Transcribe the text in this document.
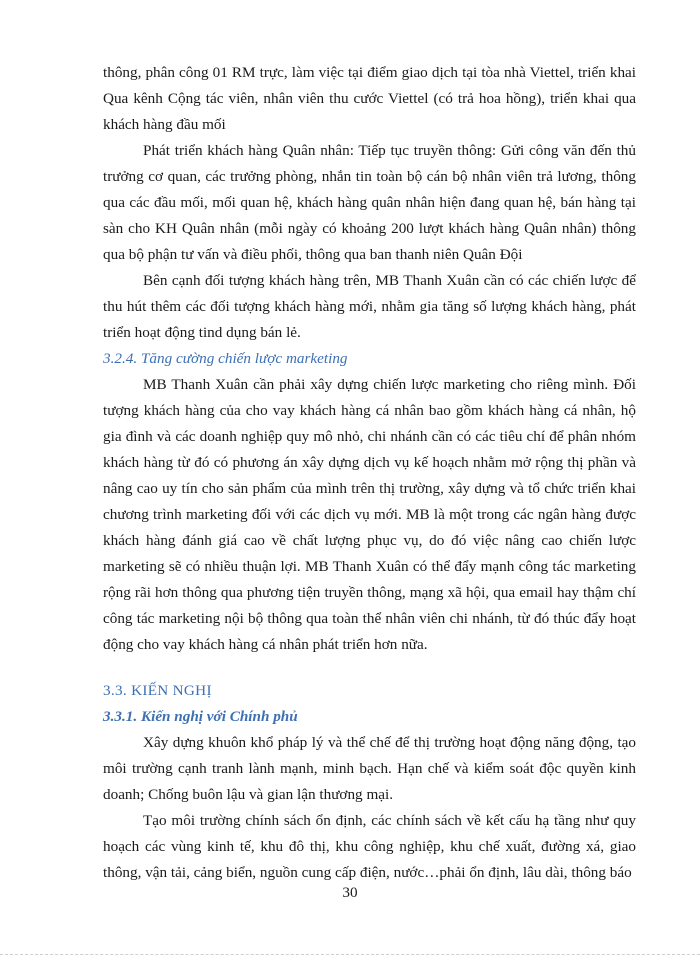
thông, phân công 01 RM trực, làm việc tại điểm giao dịch tại tòa nhà Viettel, triển khai Qua kênh Cộng tác viên, nhân viên thu cước Viettel (có trả hoa hồng), triển khai qua khách hàng đầu mối

Phát triển khách hàng Quân nhân: Tiếp tục truyền thông: Gửi công văn đến thủ trưởng cơ quan, các trưởng phòng, nhắn tin toàn bộ cán bộ nhân viên trả lương, thông qua các đầu mối, mối quan hệ, khách hàng quân nhân hiện đang quan hệ, bán hàng tại sàn cho KH Quân nhân (mỗi ngày có khoảng 200 lượt khách hàng Quân nhân) thông qua bộ phận tư vấn và điều phối, thông qua ban thanh niên Quân Đội

Bên cạnh đối tượng khách hàng trên, MB Thanh Xuân cần có các chiến lược để thu hút thêm các đối tượng khách hàng mới, nhằm gia tăng số lượng khách hàng, phát triển hoạt động tind dụng bán lẻ.

3.2.4. Tăng cường chiến lược marketing

MB Thanh Xuân cần phải xây dựng chiến lược marketing cho riêng mình. Đối tượng khách hàng của cho vay khách hàng cá nhân bao gồm khách hàng cá nhân, hộ gia đình và các doanh nghiệp quy mô nhỏ, chi nhánh cần có các tiêu chí để phân nhóm khách hàng từ đó có phương án xây dựng dịch vụ kế hoạch nhằm mở rộng thị phần và nâng cao uy tín cho sản phẩm của mình trên thị trường, xây dựng và tổ chức triển khai chương trình marketing đối với các dịch vụ mới. MB là một trong các ngân hàng được khách hàng đánh giá cao về chất lượng phục vụ, do đó việc nâng cao chiến lược marketing sẽ có nhiều thuận lợi. MB Thanh Xuân có thể đẩy mạnh công tác marketing rộng rãi hơn thông qua phương tiện truyền thông, mạng xã hội, qua email hay thậm chí công tác marketing nội bộ thông qua toàn thể nhân viên chi nhánh, từ đó thúc đẩy hoạt động cho vay khách hàng cá nhân phát triển hơn nữa.

3.3. KIẾN NGHỊ

3.3.1. Kiến nghị với Chính phủ

Xây dựng khuôn khổ pháp lý và thể chế để thị trường hoạt động năng động, tạo môi trường cạnh tranh lành mạnh, minh bạch. Hạn chế và kiểm soát độc quyền kinh doanh; Chống buôn lậu và gian lận thương mại.

Tạo môi trường chính sách ổn định, các chính sách về kết cấu hạ tầng như quy hoạch các vùng kinh tế, khu đô thị, khu công nghiệp, khu chế xuất, đường xá, giao thông, vận tải, cảng biển, nguồn cung cấp điện, nước…phải ổn định, lâu dài, thông báo

30
